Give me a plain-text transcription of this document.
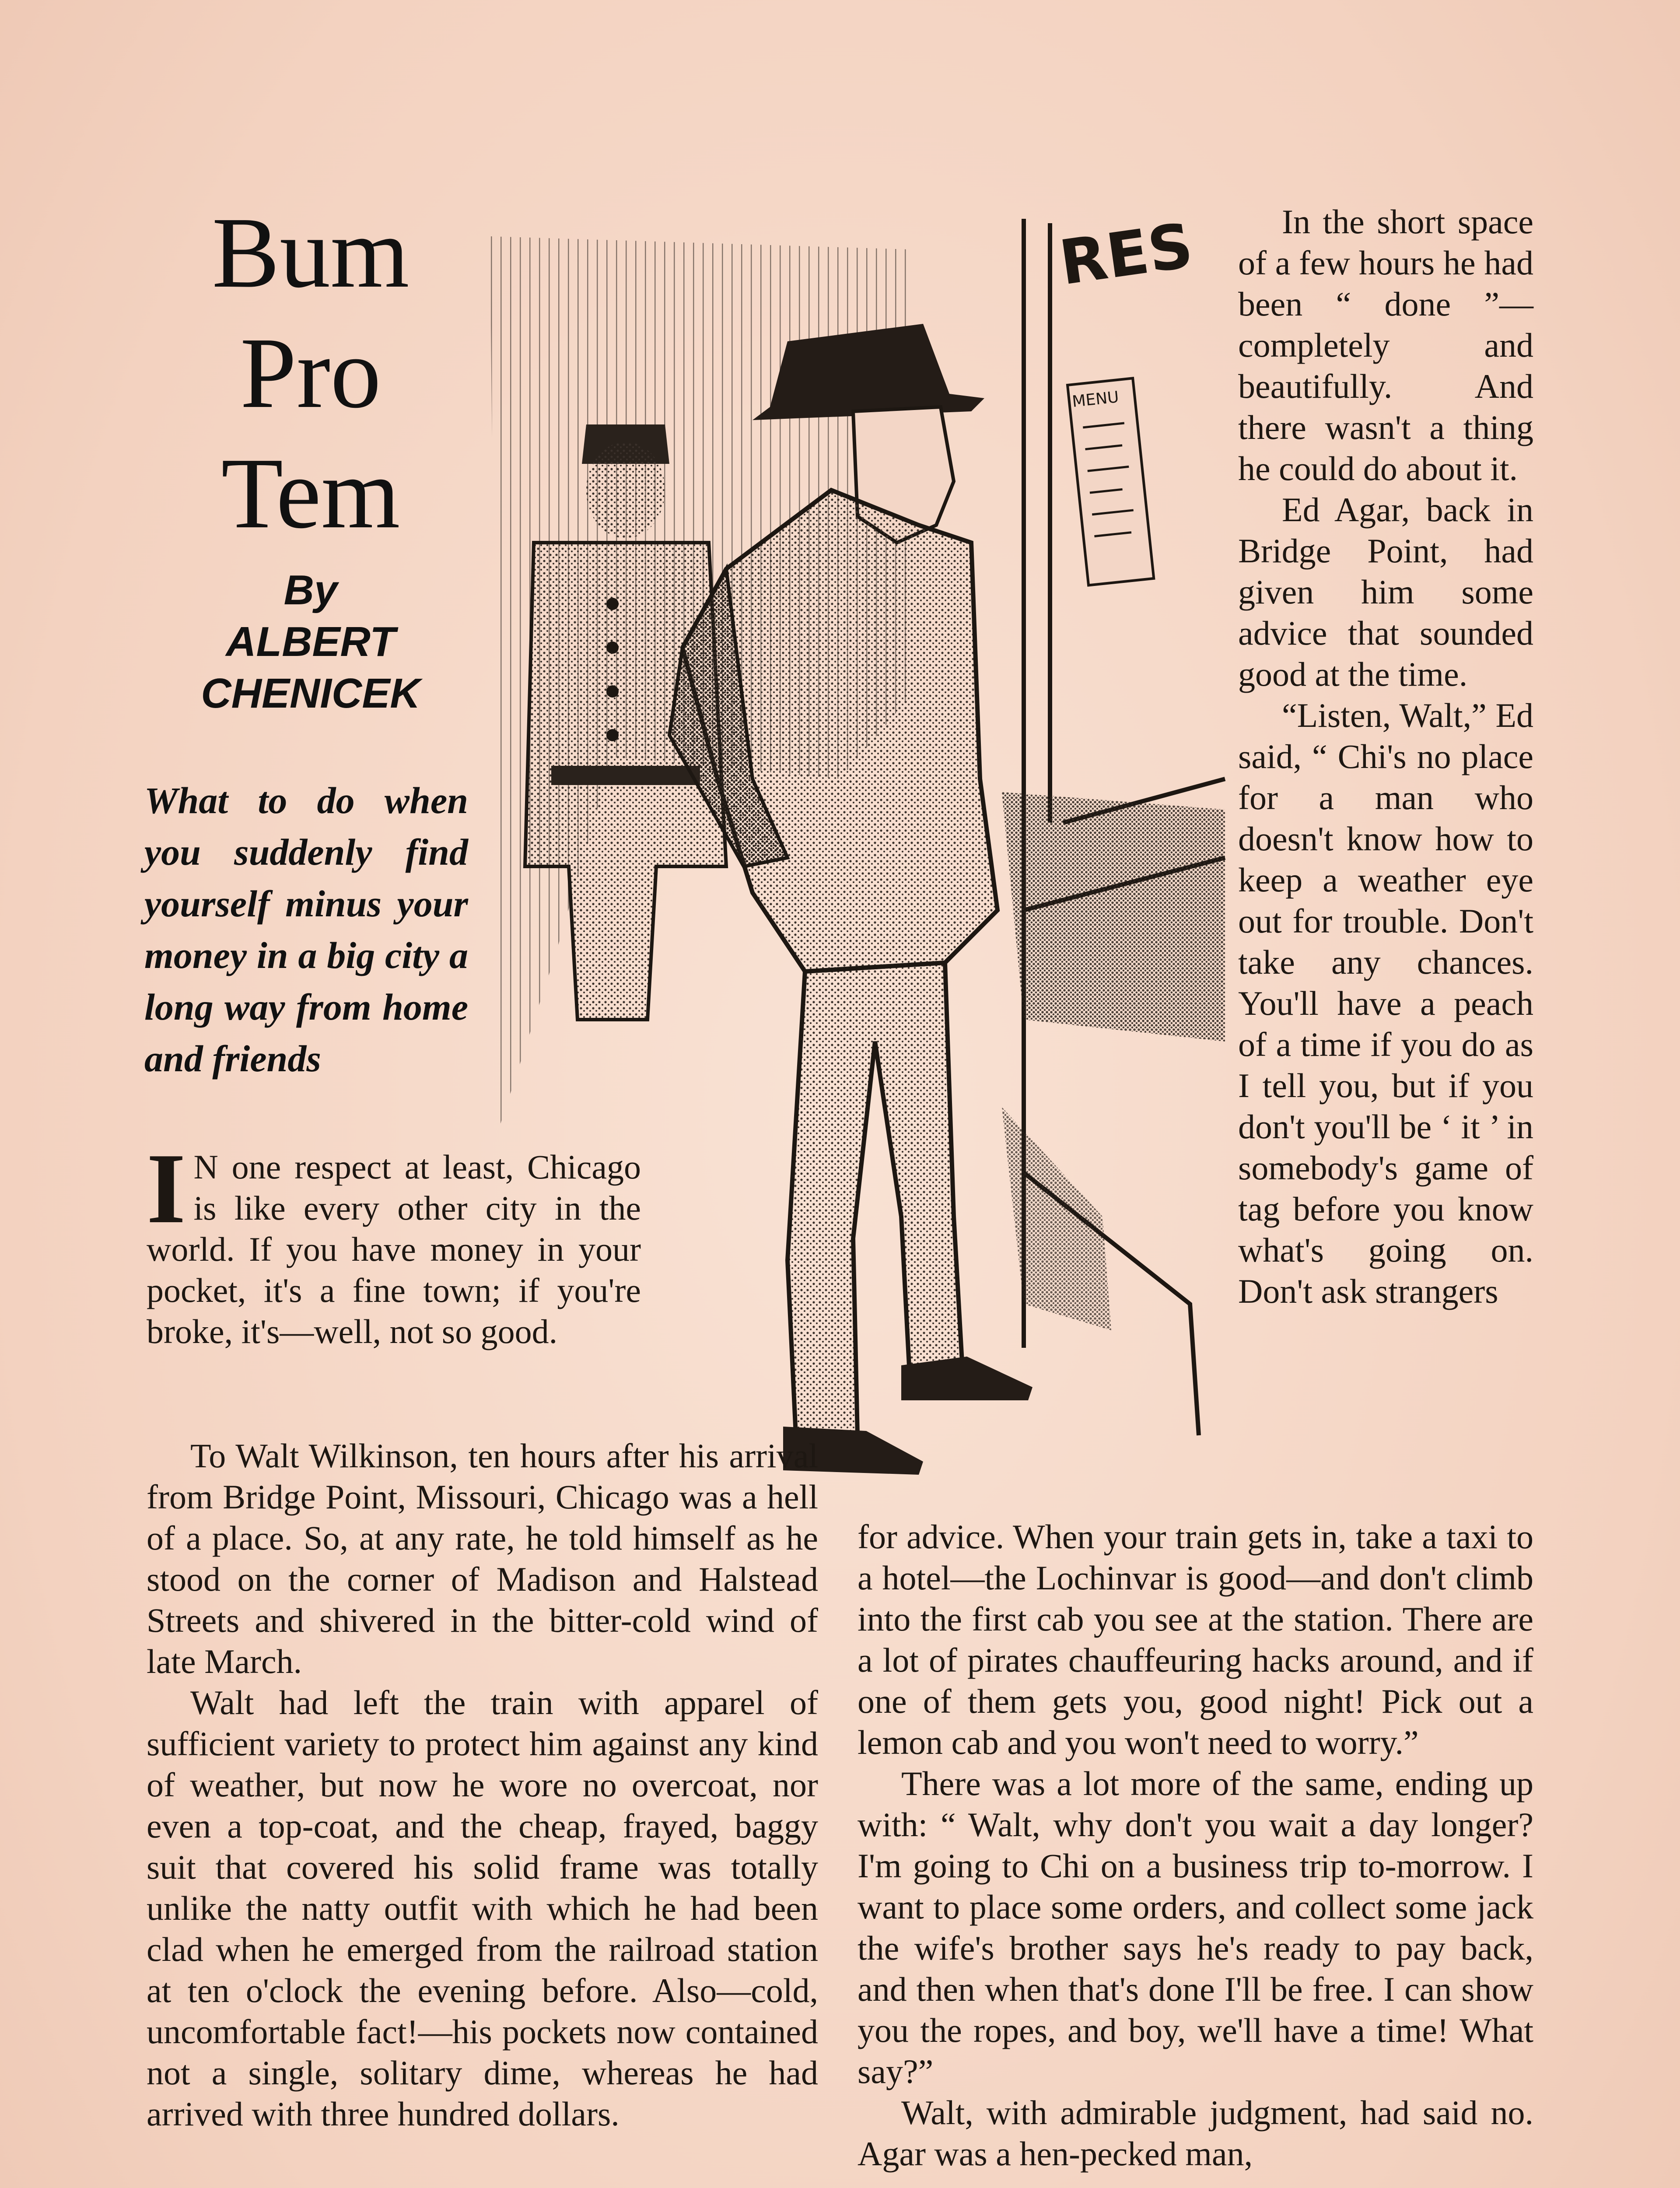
Bum
Pro
Tem
By
ALBERT
CHENICEK
What to do when you suddenly find yourself minus your money in a big city a long way from home and friends
RES
MENU

I N one respect at least, Chicago is like every other city in the world. If you have money in your pocket, it's a fine town; if you're broke, it's—well, not so good.

To Walt Wilkinson, ten hours after his arrival from Bridge Point, Missouri, Chicago was a hell of a place. So, at any rate, he told himself as he stood on the corner of Madison and Halstead Streets and shivered in the bitter-cold wind of late March.

Walt had left the train with apparel of sufficient variety to protect him against any kind of weather, but now he wore no overcoat, nor even a top-coat, and the cheap, frayed, baggy suit that covered his solid frame was totally unlike the natty outfit with which he had been clad when he emerged from the railroad station at ten o'clock the evening before. Also—cold, uncomfortable fact!—his pockets now contained not a single, solitary dime, whereas he had arrived with three hundred dollars.

In the short space of a few hours he had been “ done ”—completely and beautifully. And there wasn't a thing he could do about it.

Ed Agar, back in Bridge Point, had given him some advice that sounded good at the time.

“Listen, Walt,” Ed said, “ Chi's no place for a man who doesn't know how to keep a weather eye out for trouble. Don't take any chances. You'll have a peach of a time if you do as I tell you, but if you don't you'll be ‘ it ’ in somebody's game of tag before you know what's going on. Don't ask strangers

for advice. When your train gets in, take a taxi to a hotel—the Lochinvar is good—and don't climb into the first cab you see at the station. There are a lot of pirates chauffeuring hacks around, and if one of them gets you, good night! Pick out a lemon cab and you won't need to worry.”

There was a lot more of the same, ending up with: “ Walt, why don't you wait a day longer? I'm going to Chi on a business trip to-morrow. I want to place some orders, and collect some jack the wife's brother says he's ready to pay back, and then when that's done I'll be free. I can show you the ropes, and boy, we'll have a time! What say?”

Walt, with admirable judgment, had said no. Agar was a hen-pecked man,
